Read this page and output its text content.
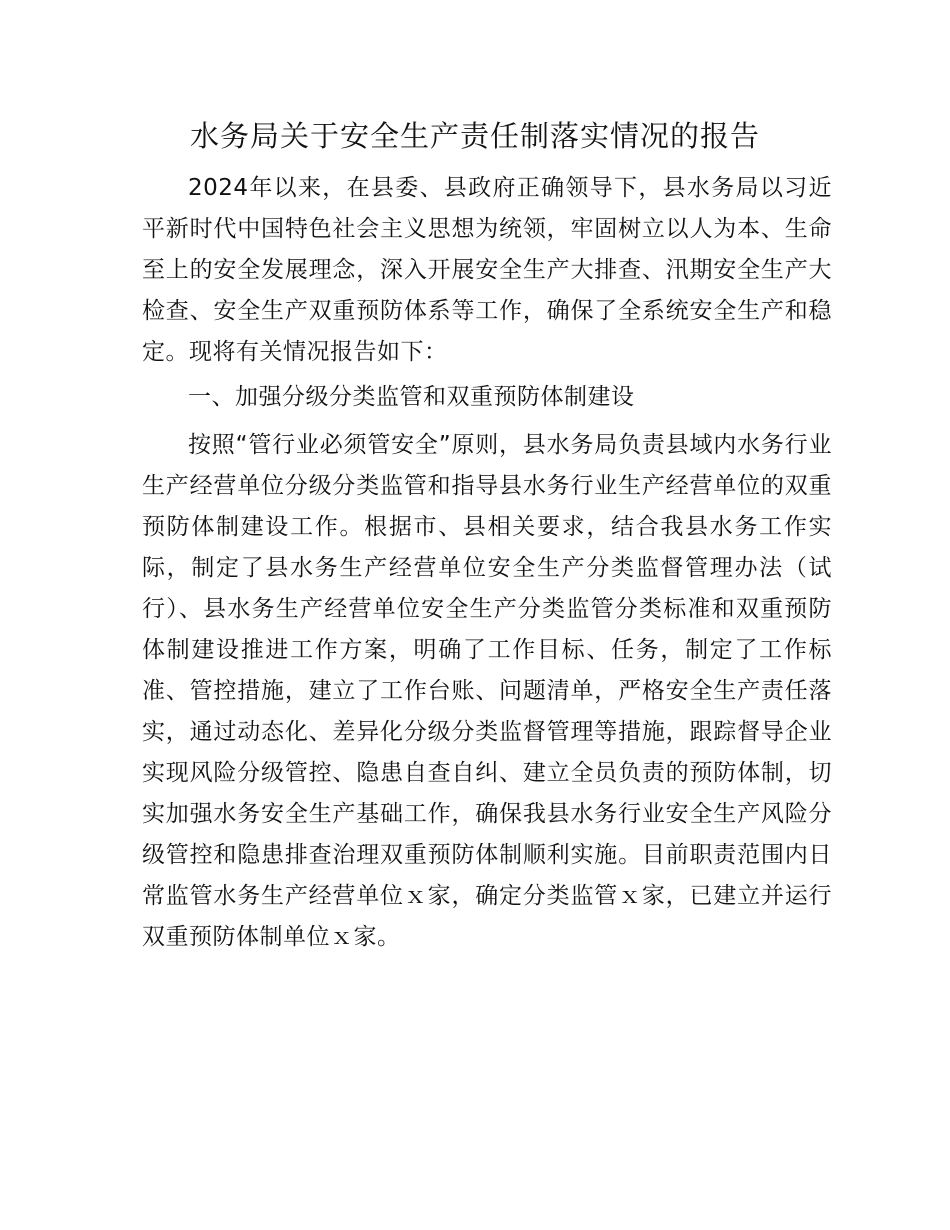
水务局关于安全生产责任制落实情况的报告

2024年以来，在县委、县政府正确领导下，县水务局以习近平新时代中国特色社会主义思想为统领，牢固树立以人为本、生命至上的安全发展理念，深入开展安全生产大排查、汛期安全生产大检查、安全生产双重预防体系等工作，确保了全系统安全生产和稳定。现将有关情况报告如下：

一、加强分级分类监管和双重预防体制建设

按照“管行业必须管安全”原则，县水务局负责县域内水务行业生产经营单位分级分类监管和指导县水务行业生产经营单位的双重预防体制建设工作。根据市、县相关要求，结合我县水务工作实际，制定了县水务生产经营单位安全生产分类监督管理办法（试行）、县水务生产经营单位安全生产分类监管分类标准和双重预防体制建设推进工作方案，明确了工作目标、任务，制定了工作标准、管控措施，建立了工作台账、问题清单，严格安全生产责任落实，通过动态化、差异化分级分类监督管理等措施，跟踪督导企业实现风险分级管控、隐患自查自纠、建立全员负责的预防体制，切实加强水务安全生产基础工作，确保我县水务行业安全生产风险分级管控和隐患排查治理双重预防体制顺利实施。目前职责范围内日常监管水务生产经营单位ｘ家，确定分类监管ｘ家，已建立并运行双重预防体制单位ｘ家。
